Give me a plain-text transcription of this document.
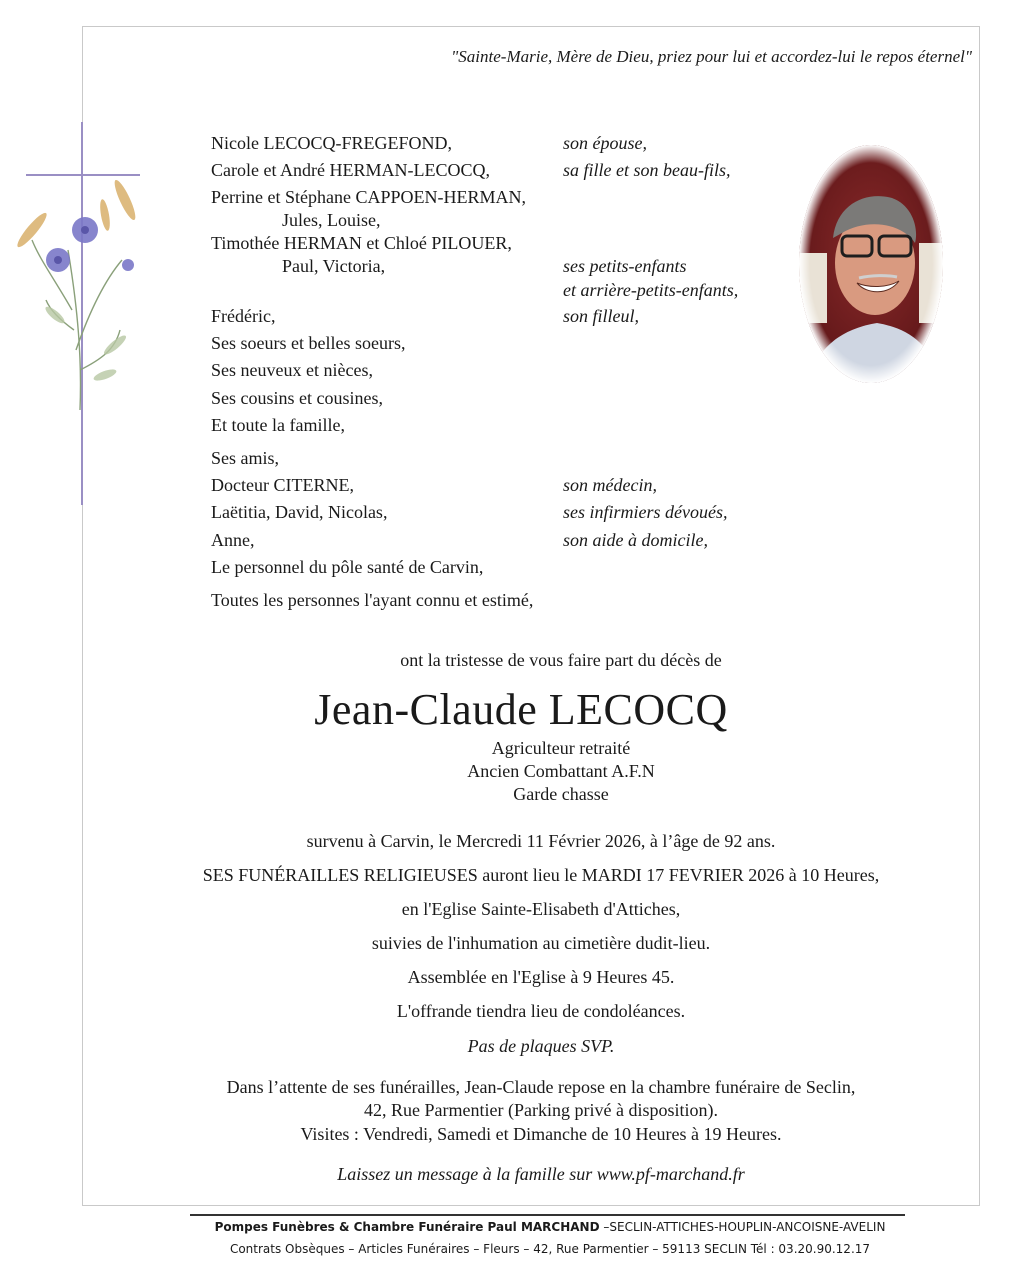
"Sainte-Marie, Mère de Dieu, priez pour lui et accordez-lui le repos éternel"
Nicole LECOCQ-FREGEFOND,
Carole et André HERMAN-LECOCQ,
Perrine et Stéphane CAPPOEN-HERMAN,
Jules, Louise,
Timothée HERMAN et Chloé PILOUER,
Paul, Victoria,
Frédéric,
Ses soeurs et belles soeurs,
Ses neuveux et nièces,
Ses cousins et cousines,
Et toute la famille,
Ses amis,
Docteur CITERNE,
Laëtitia, David, Nicolas,
Anne,
Le personnel du pôle santé de Carvin,
Toutes les personnes l'ayant connu et estimé,
son épouse,
sa fille et son beau-fils,
ses petits-enfants
et arrière-petits-enfants,
son filleul,
son médecin,
ses infirmiers dévoués,
son aide à domicile,
ont la tristesse de vous faire part du décès de
Jean-Claude LECOCQ
Agriculteur retraité
Ancien Combattant A.F.N
Garde chasse
survenu à Carvin, le Mercredi 11 Février 2026, à l’âge de 92 ans.
SES FUNÉRAILLES RELIGIEUSES auront lieu le MARDI 17 FEVRIER 2026 à 10 Heures,
en l'Eglise Sainte-Elisabeth d'Attiches,
suivies de l'inhumation au cimetière dudit-lieu.
Assemblée en l'Eglise à 9 Heures 45.
L'offrande tiendra lieu de condoléances.
Pas de plaques SVP.
Dans l’attente de ses funérailles, Jean-Claude repose en la chambre funéraire de Seclin,
42, Rue Parmentier (Parking privé à disposition).
Visites : Vendredi, Samedi et Dimanche de 10 Heures à 19 Heures.
Laissez un message à la famille sur www.pf-marchand.fr
Pompes Funèbres & Chambre Funéraire Paul MARCHAND –SECLIN-ATTICHES-HOUPLIN-ANCOISNE-AVELIN
Contrats Obsèques – Articles Funéraires – Fleurs – 42, Rue Parmentier – 59113 SECLIN Tél : 03.20.90.12.17
